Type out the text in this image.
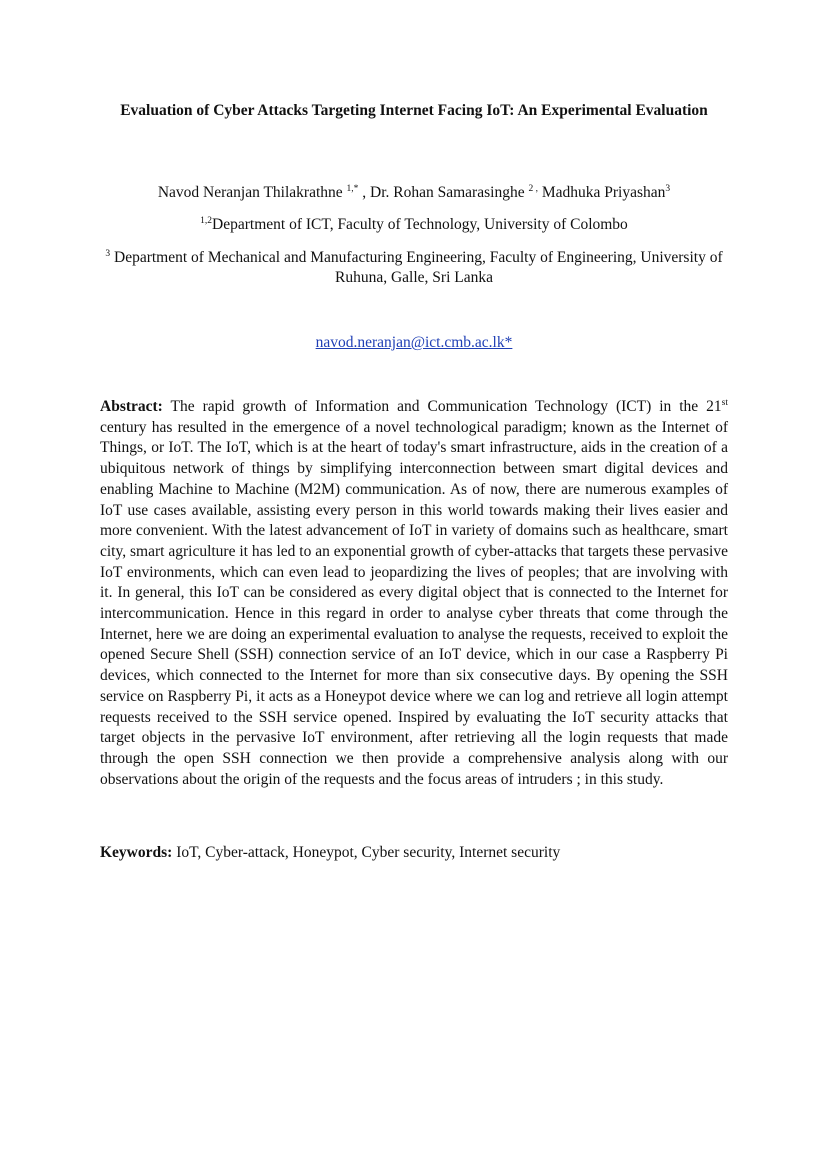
Evaluation of Cyber Attacks Targeting Internet Facing IoT: An Experimental Evaluation
Navod Neranjan Thilakrathne $^{1,*}$ , Dr. Rohan Samarasinghe $^{2 ,}$ Madhuka Priyashan$^3$
$^{1,2}$Department of ICT, Faculty of Technology, University of Colombo
$^3$ Department of Mechanical and Manufacturing Engineering, Faculty of Engineering, University of Ruhuna, Galle, Sri Lanka
navod.neranjan@ict.cmb.ac.lk*

Abstract: The rapid growth of Information and Communication Technology (ICT) in the 21st century has resulted in the emergence of a novel technological paradigm; known as the Internet of Things, or IoT. The IoT, which is at the heart of today's smart infrastructure, aids in the creation of a ubiquitous network of things by simplifying interconnection between smart digital devices and enabling Machine to Machine (M2M) communication. As of now, there are numerous examples of IoT use cases available, assisting every person in this world towards making their lives easier and more convenient. With the latest advancement of IoT in variety of domains such as healthcare, smart city, smart agriculture it has led to an exponential growth of cyber-attacks that targets these pervasive IoT environments, which can even lead to jeopardizing the lives of peoples; that are involving with it. In general, this IoT can be considered as every digital object that is connected to the Internet for intercommunication. Hence in this regard in order to analyse cyber threats that come through the Internet, here we are doing an experimental evaluation to analyse the requests, received to exploit the opened Secure Shell (SSH) connection service of an IoT device, which in our case a Raspberry Pi devices, which connected to the Internet for more than six consecutive days. By opening the SSH service on Raspberry Pi, it acts as a Honeypot device where we can log and retrieve all login attempt requests received to the SSH service opened. Inspired by evaluating the IoT security attacks that target objects in the pervasive IoT environment, after retrieving all the login requests that made through the open SSH connection we then provide a comprehensive analysis along with our observations about the origin of the requests and the focus areas of intruders ; in this study.

Keywords: IoT, Cyber-attack, Honeypot, Cyber security, Internet security
